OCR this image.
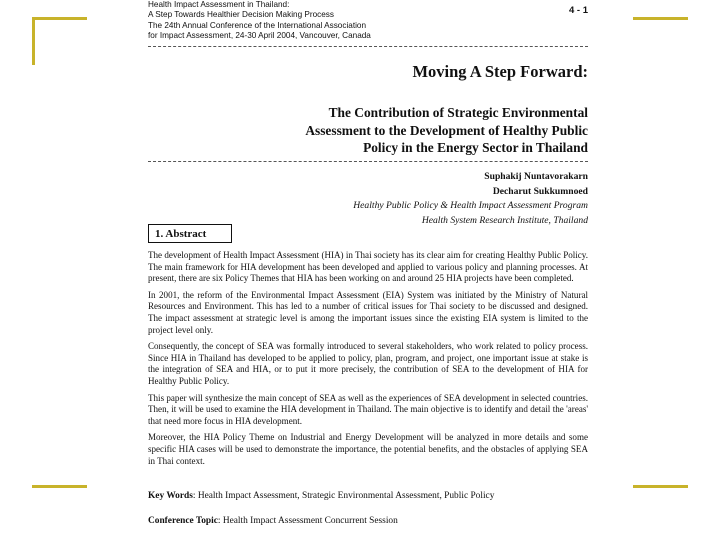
Health Impact Assessment in Thailand:
A Step Towards Healthier Decision Making Process
The 24th Annual Conference of the International Association
for Impact Assessment, 24-30 April 2004, Vancouver, Canada
4 - 1
Moving A Step Forward:
The Contribution of Strategic Environmental
Assessment to the Development of Healthy Public
Policy in the Energy Sector in Thailand
Suphakij Nuntavorakarn
Decharut Sukkumnoed
Healthy Public Policy & Health Impact Assessment Program
Health System Research Institute, Thailand
1. Abstract

The development of Health Impact Assessment (HIA) in Thai society has its clear aim for creating Healthy Public Policy. The main framework for HIA development has been developed and applied to various policy and planning processes. At present, there are six Policy Themes that HIA has been working on and around 25 HIA projects have been completed.

In 2001, the reform of the Environmental Impact Assessment (EIA) System was initiated by the Ministry of Natural Resources and Environment. This has led to a number of critical issues for Thai society to be discussed and designed. The impact assessment at strategic level is among the important issues since the existing EIA system is limited to the project level only.

Consequently, the concept of SEA was formally introduced to several stakeholders, who work related to policy process. Since HIA in Thailand has developed to be applied to policy, plan, program, and project, one important issue at stake is the integration of SEA and HIA, or to put it more precisely, the contribution of SEA to the development of HIA for Healthy Public Policy.

This paper will synthesize the main concept of SEA as well as the experiences of SEA development in selected countries. Then, it will be used to examine the HIA development in Thailand. The main objective is to identify and detail the 'areas' that need more focus in HIA development.

Moreover, the HIA Policy Theme on Industrial and Energy Development will be analyzed in more details and some specific HIA cases will be used to demonstrate the importance, the potential benefits, and the obstacles of applying SEA in Thai context.

Key Words: Health Impact Assessment, Strategic Environmental Assessment, Public Policy
Conference Topic: Health Impact Assessment Concurrent Session
